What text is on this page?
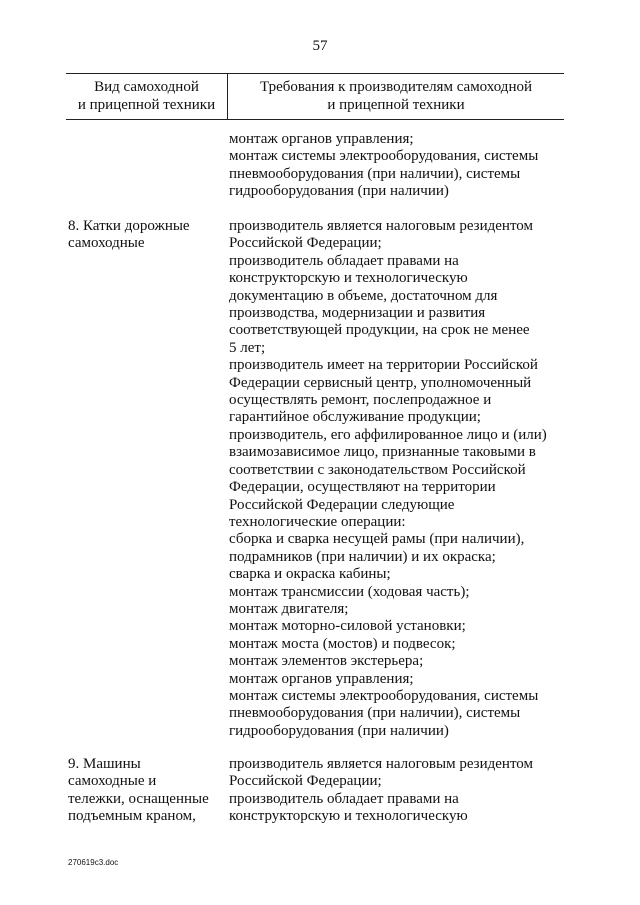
57
Вид самоходной
и прицепной техники
Требования к производителям самоходной
и прицепной техники
монтаж органов управления;
монтаж системы электрооборудования, системы
пневмооборудования (при наличии), системы
гидрооборудования (при наличии)
8. Катки дорожные
самоходные
производитель является налоговым резидентом
Российской Федерации;
производитель обладает правами на
конструкторскую и технологическую
документацию в объеме, достаточном для
производства, модернизации и развития
соответствующей продукции, на срок не менее
5 лет;
производитель имеет на территории Российской
Федерации сервисный центр, уполномоченный
осуществлять ремонт, послепродажное и
гарантийное обслуживание продукции;
производитель, его аффилированное лицо и (или)
взаимозависимое лицо, признанные таковыми в
соответствии с законодательством Российской
Федерации, осуществляют на территории
Российской Федерации следующие
технологические операции:
сборка и сварка несущей рамы (при наличии),
подрамников (при наличии) и их окраска;
сварка и окраска кабины;
монтаж трансмиссии (ходовая часть);
монтаж двигателя;
монтаж моторно-силовой установки;
монтаж моста (мостов) и подвесок;
монтаж элементов экстерьера;
монтаж органов управления;
монтаж системы электрооборудования, системы
пневмооборудования (при наличии), системы
гидрооборудования (при наличии)
9. Машины
самоходные и
тележки, оснащенные
подъемным краном,
производитель является налоговым резидентом
Российской Федерации;
производитель обладает правами на
конструкторскую и технологическую
270619c3.doc
